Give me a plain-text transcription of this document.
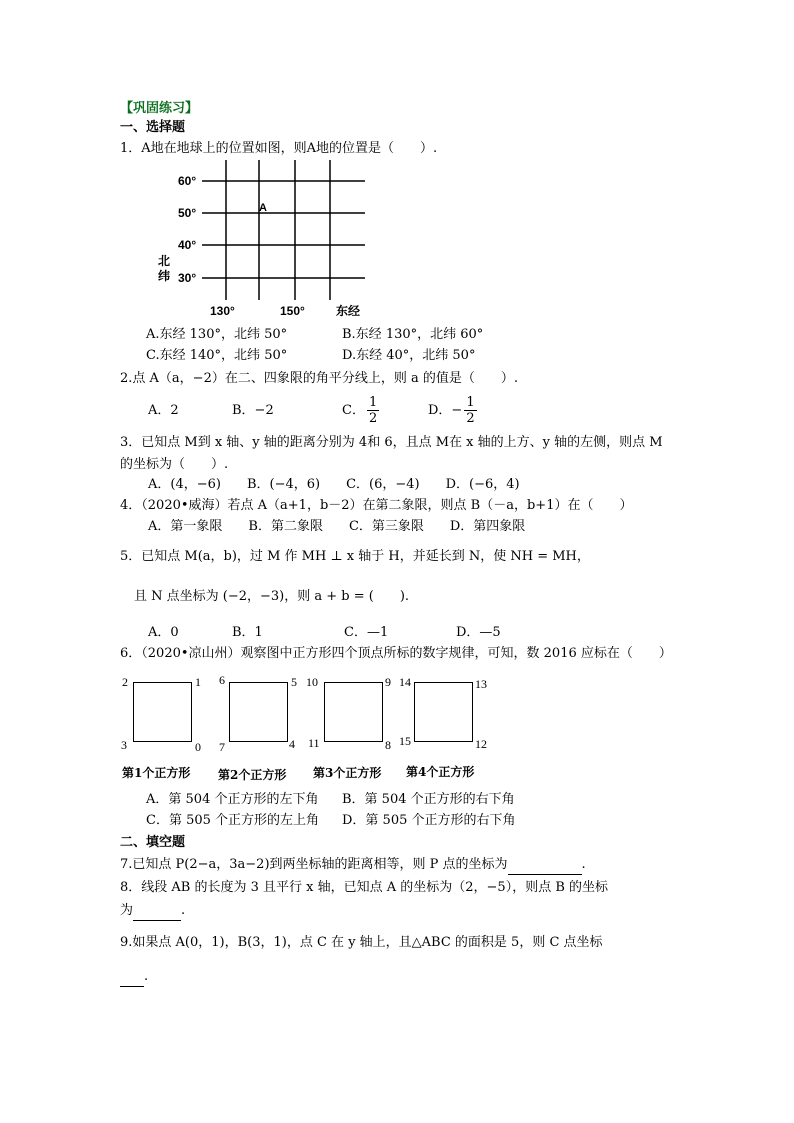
【巩固练习】
一、选择题
1．A地在地球上的位置如图，则A地的位置是（　　）.
60°
50°
40°
30°
北
纬
130°	150°	东经
A
A.东经 130°，北纬 50°	B.东经 130°，北纬 60°
C.东经 140°，北纬 50°	D.东经 40°，北纬 50°
2.点 A（a，−2）在二、四象限的角平分线上，则 a 的值是（　　）.
A．2	B．−2	C． $\frac{1}{2}$	D．− $\frac{1}{2}$
3．已知点 M到 x 轴、y 轴的距离分别为 4和 6，且点 M在 x 轴的上方、y 轴的左侧，则点 M
的坐标为（　　）.
A．(4，−6)　　B．(−4，6)　　C．(6，−4)　　D．(−6，4)
4．（2020•威海）若点 A（a+1，b－2）在第二象限，则点 B（－a，b+1）在（　　）
A．第一象限　　B．第二象限　　C．第三象限　　D．第四象限
5．已知点 M(a，b)，过 M 作 MH ⊥ x 轴于 H，并延长到 N，使 NH = MH，
且 N 点坐标为 (−2，−3)，则 a + b = (　　).
A．0	B．1	C．—1	D．—5
6．（2020•凉山州）观察图中正方形四个顶点所标的数字规律，可知，数 2016 应标在（　　）
2	1
3	0
第1个正方形
6	5
7	4
第2个正方形
10	9
11	8
第3个正方形
14	13
15	12
第4个正方形
A．第 504 个正方形的左下角 B．第 504 个正方形的右下角
C．第 505 个正方形的左上角 D．第 505 个正方形的右下角
二、填空题
7.已知点 P(2−a，3a−2)到两坐标轴的距离相等，则 P 点的坐标为	.
8．线段 AB 的长度为 3 且平行 x 轴，已知点 A 的坐标为（2，−5），则点 B 的坐标
为	.
9.如果点 A(0，1)，B(3，1)，点 C 在 y 轴上，且△ABC 的面积是 5，则 C 点坐标
.
